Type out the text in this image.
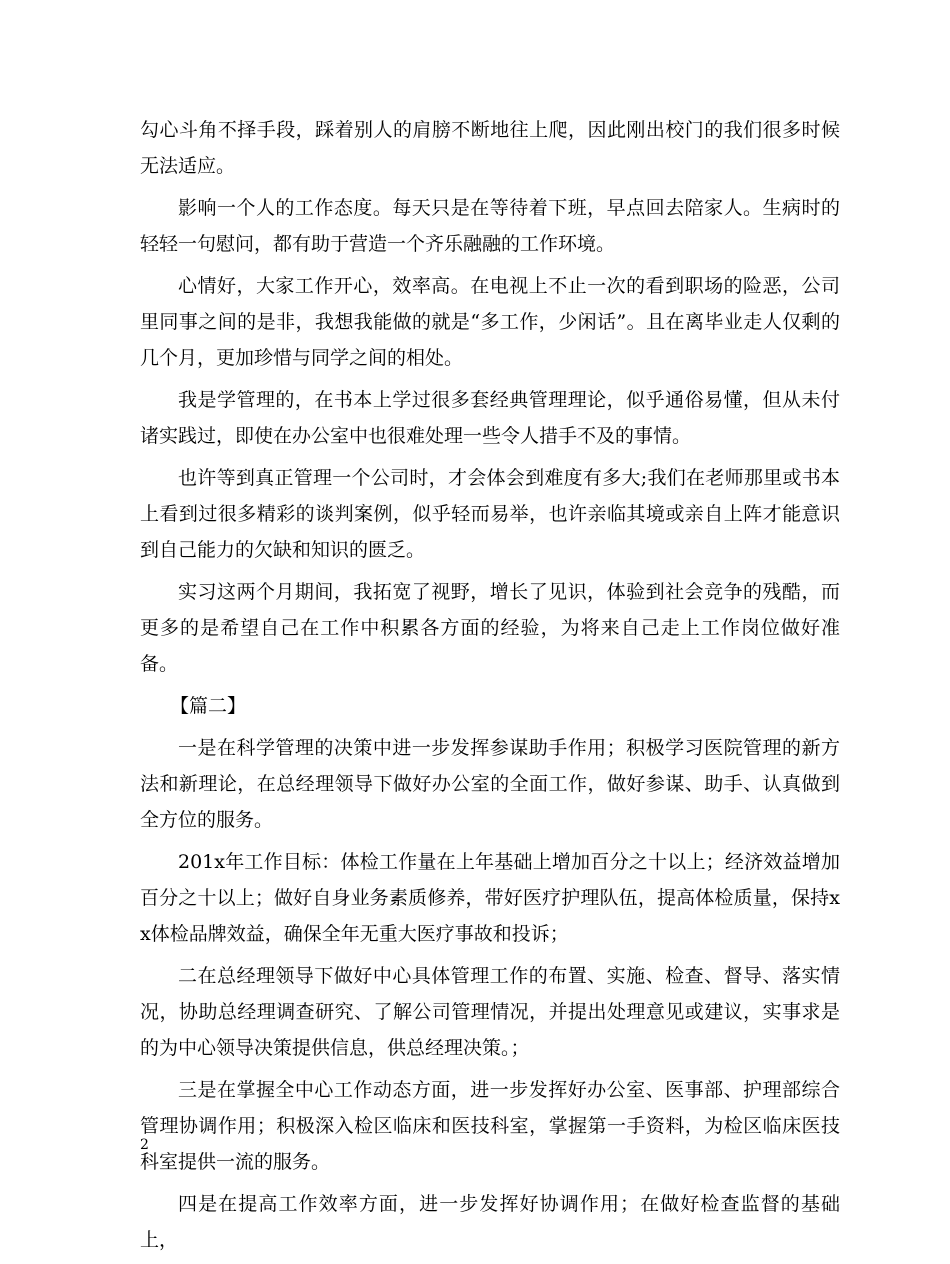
勾心斗角不择手段，踩着别人的肩膀不断地往上爬，因此刚出校门的我们很多时候无法适应。

影响一个人的工作态度。每天只是在等待着下班，早点回去陪家人。生病时的轻轻一句慰问，都有助于营造一个齐乐融融的工作环境。

心情好，大家工作开心，效率高。在电视上不止一次的看到职场的险恶，公司里同事之间的是非，我想我能做的就是“多工作，少闲话”。且在离毕业走人仅剩的几个月，更加珍惜与同学之间的相处。

我是学管理的，在书本上学过很多套经典管理理论，似乎通俗易懂，但从未付诸实践过，即使在办公室中也很难处理一些令人措手不及的事情。

也许等到真正管理一个公司时，才会体会到难度有多大;我们在老师那里或书本上看到过很多精彩的谈判案例，似乎轻而易举，也许亲临其境或亲自上阵才能意识到自己能力的欠缺和知识的匮乏。

实习这两个月期间，我拓宽了视野，增长了见识，体验到社会竞争的残酷，而更多的是希望自己在工作中积累各方面的经验，为将来自己走上工作岗位做好准备。

【篇二】

一是在科学管理的决策中进一步发挥参谋助手作用；积极学习医院管理的新方法和新理论，在总经理领导下做好办公室的全面工作，做好参谋、助手、认真做到全方位的服务。

201x年工作目标：体检工作量在上年基础上增加百分之十以上；经济效益增加百分之十以上；做好自身业务素质修养，带好医疗护理队伍，提高体检质量，保持xx体检品牌效益，确保全年无重大医疗事故和投诉；

二在总经理领导下做好中心具体管理工作的布置、实施、检查、督导、落实情况，协助总经理调查研究、了解公司管理情况，并提出处理意见或建议，实事求是的为中心领导决策提供信息，供总经理决策。；

三是在掌握全中心工作动态方面，进一步发挥好办公室、医事部、护理部综合管理协调作用；积极深入检区临床和医技科室，掌握第一手资料，为检区临床医技科室提供一流的服务。

四是在提高工作效率方面，进一步发挥好协调作用；在做好检查监督的基础上，

2
